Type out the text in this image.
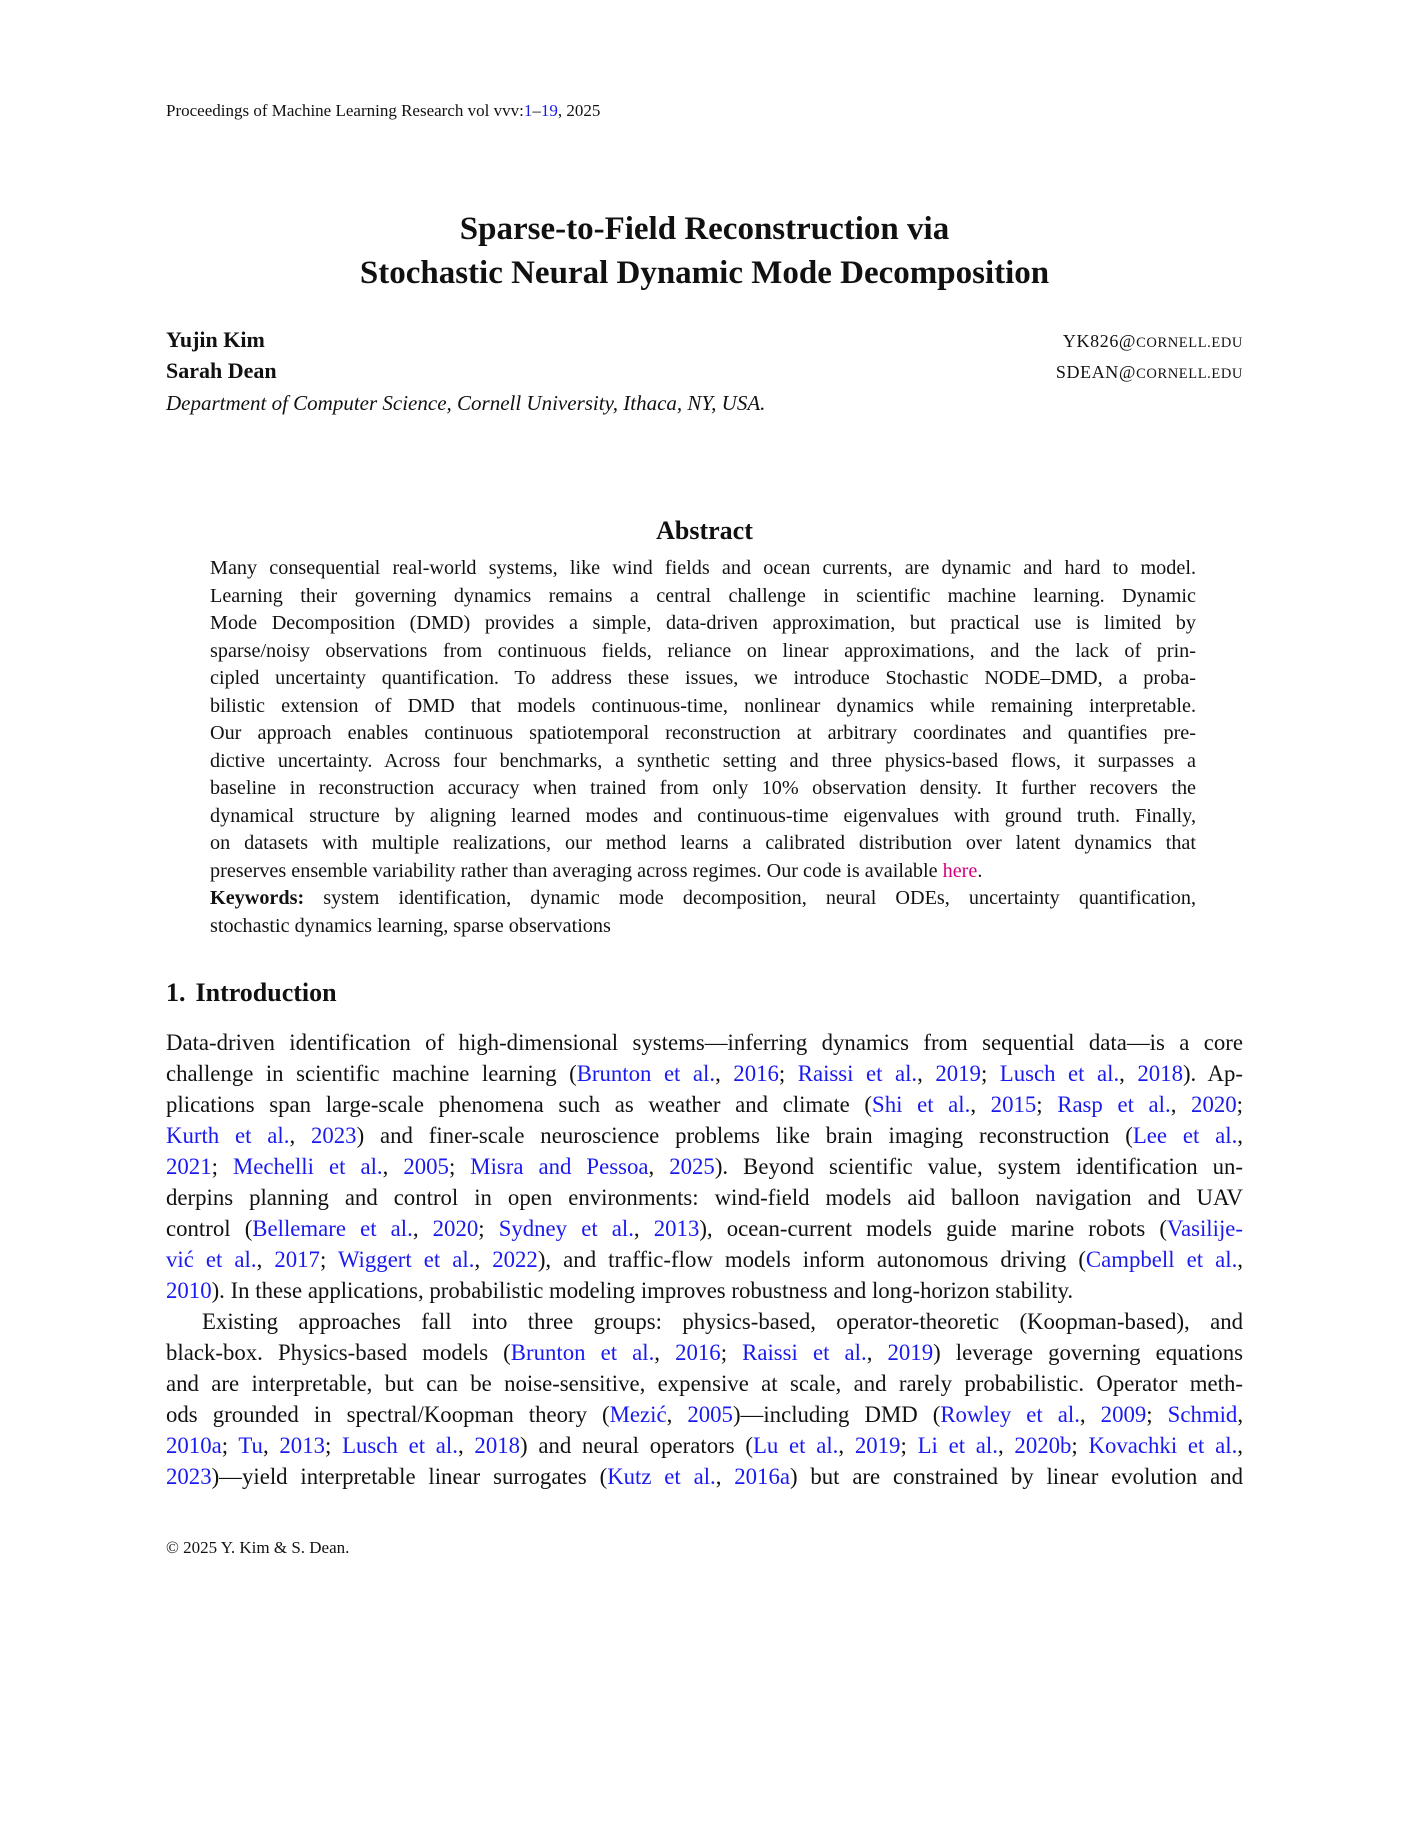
Proceedings of Machine Learning Research vol vvv:1–19, 2025
Sparse-to-Field Reconstruction via
Stochastic Neural Dynamic Mode Decomposition
Yujin Kim	YK826@CORNELL.EDU
Sarah Dean	SDEAN@CORNELL.EDU
Department of Computer Science, Cornell University, Ithaca, NY, USA.
Abstract
Many consequential real-world systems, like wind fields and ocean currents, are dynamic and hard to model.
Learning their governing dynamics remains a central challenge in scientific machine learning. Dynamic
Mode Decomposition (DMD) provides a simple, data-driven approximation, but practical use is limited by
sparse/noisy observations from continuous fields, reliance on linear approximations, and the lack of prin-
cipled uncertainty quantification. To address these issues, we introduce Stochastic NODE–DMD, a proba-
bilistic extension of DMD that models continuous-time, nonlinear dynamics while remaining interpretable.
Our approach enables continuous spatiotemporal reconstruction at arbitrary coordinates and quantifies pre-
dictive uncertainty. Across four benchmarks, a synthetic setting and three physics-based flows, it surpasses a
baseline in reconstruction accuracy when trained from only 10% observation density. It further recovers the
dynamical structure by aligning learned modes and continuous-time eigenvalues with ground truth. Finally,
on datasets with multiple realizations, our method learns a calibrated distribution over latent dynamics that
preserves ensemble variability rather than averaging across regimes. Our code is available here.
Keywords: system identification, dynamic mode decomposition, neural ODEs, uncertainty quantification,
stochastic dynamics learning, sparse observations
1. Introduction
Data-driven identification of high-dimensional systems—inferring dynamics from sequential data—is a core
challenge in scientific machine learning (Brunton et al., 2016; Raissi et al., 2019; Lusch et al., 2018). Ap-
plications span large-scale phenomena such as weather and climate (Shi et al., 2015; Rasp et al., 2020;
Kurth et al., 2023) and finer-scale neuroscience problems like brain imaging reconstruction (Lee et al.,
2021; Mechelli et al., 2005; Misra and Pessoa, 2025). Beyond scientific value, system identification un-
derpins planning and control in open environments: wind-field models aid balloon navigation and UAV
control (Bellemare et al., 2020; Sydney et al., 2013), ocean-current models guide marine robots (Vasilije-
vić et al., 2017; Wiggert et al., 2022), and traffic-flow models inform autonomous driving (Campbell et al.,
2010). In these applications, probabilistic modeling improves robustness and long-horizon stability.
Existing approaches fall into three groups: physics-based, operator-theoretic (Koopman-based), and
black-box. Physics-based models (Brunton et al., 2016; Raissi et al., 2019) leverage governing equations
and are interpretable, but can be noise-sensitive, expensive at scale, and rarely probabilistic. Operator meth-
ods grounded in spectral/Koopman theory (Mezić, 2005)—including DMD (Rowley et al., 2009; Schmid,
2010a; Tu, 2013; Lusch et al., 2018) and neural operators (Lu et al., 2019; Li et al., 2020b; Kovachki et al.,
2023)—yield interpretable linear surrogates (Kutz et al., 2016a) but are constrained by linear evolution and
© 2025 Y. Kim & S. Dean.
